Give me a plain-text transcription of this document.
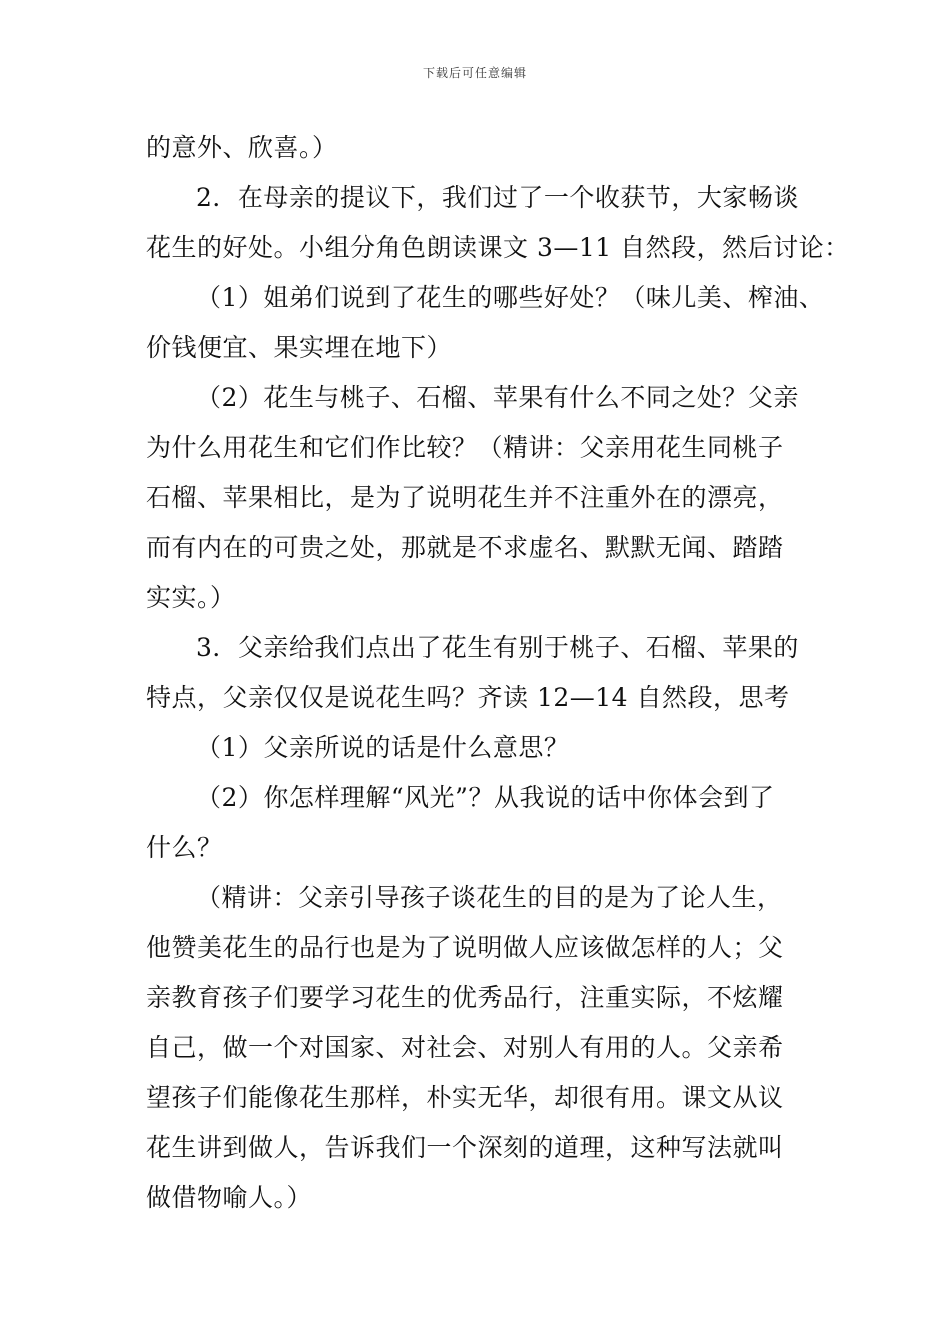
下载后可任意编辑
的意外、欣喜。）
2．在母亲的提议下，我们过了一个收获节，大家畅谈
花生的好处。小组分角色朗读课文 3—11 自然段，然后讨论：
（1）姐弟们说到了花生的哪些好处？（味儿美、榨油、
价钱便宜、果实埋在地下）
（2）花生与桃子、石榴、苹果有什么不同之处？父亲
为什么用花生和它们作比较？（精讲：父亲用花生同桃子
石榴、苹果相比，是为了说明花生并不注重外在的漂亮，
而有内在的可贵之处，那就是不求虚名、默默无闻、踏踏
实实。）
3．父亲给我们点出了花生有别于桃子、石榴、苹果的
特点，父亲仅仅是说花生吗？齐读 12—14 自然段，思考
（1）父亲所说的话是什么意思？
（2）你怎样理解“风光”？从我说的话中你体会到了
什么？
（精讲：父亲引导孩子谈花生的目的是为了论人生，
他赞美花生的品行也是为了说明做人应该做怎样的人；父
亲教育孩子们要学习花生的优秀品行，注重实际，不炫耀
自己，做一个对国家、对社会、对别人有用的人。父亲希
望孩子们能像花生那样，朴实无华，却很有用。课文从议
花生讲到做人，告诉我们一个深刻的道理，这种写法就叫
做借物喻人。）
